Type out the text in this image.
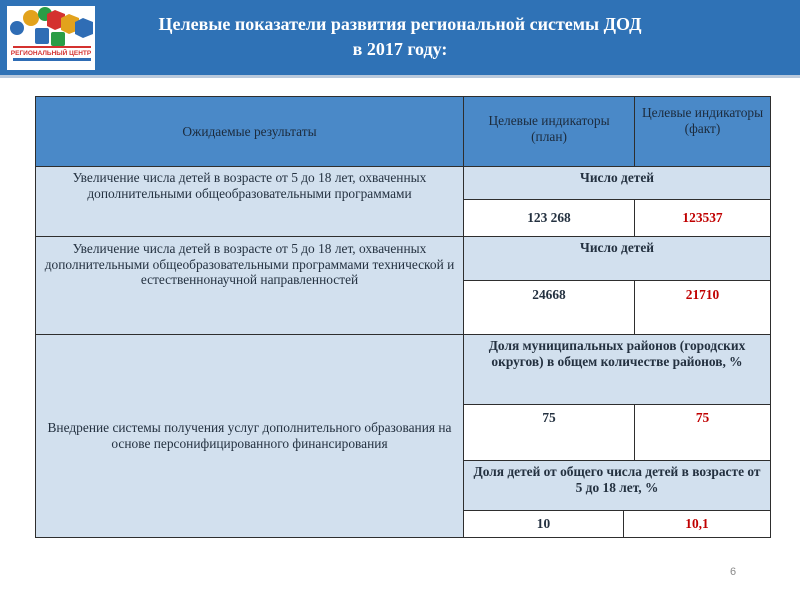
РЕГИОНАЛЬНЫЙ ЦЕНТР
Целевые показатели развития региональной системы ДОД
в 2017 году:
Ожидаемые результаты	Целевые индикаторы (план)		Целевые индикаторы (факт)
Увеличение числа детей в возрасте от 5 до 18 лет, охваченных дополнительными общеобразовательными программами	Число детей		
	123 268		123537
Увеличение числа детей в возрасте от 5 до 18 лет, охваченных дополнительными общеобразовательными программами технической и естественнонаучной направленностей	Число детей		
	24668		21710
Внедрение системы получения услуг дополнительного образования на основе персонифицированного финансирования	Доля муниципальных районов (городских округов) в общем количестве районов, %		
	75		75
	Доля детей от общего числа детей в возрасте от 5 до 18 лет, %		
	10	10,1	
6
